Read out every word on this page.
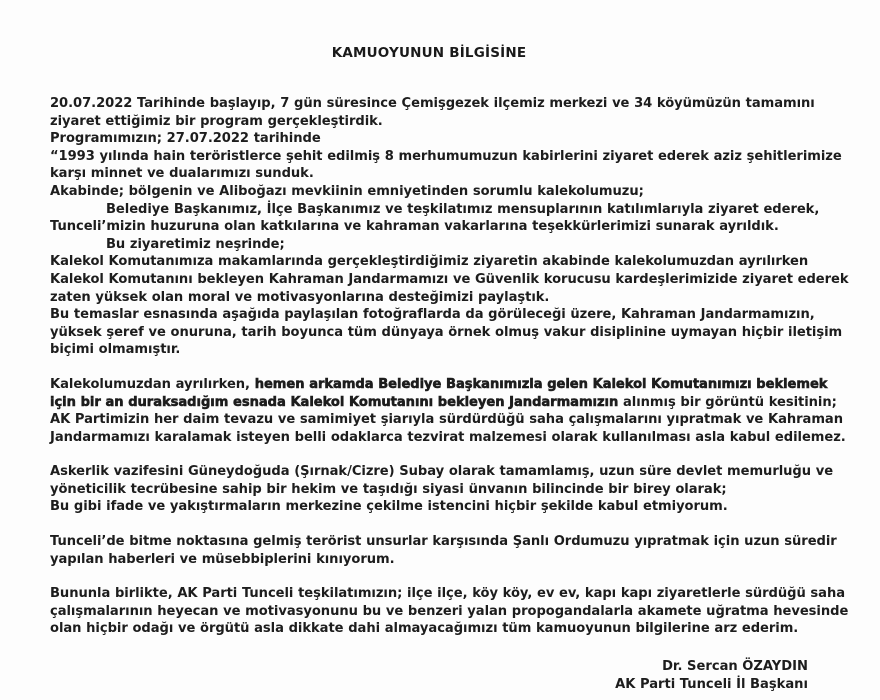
KAMUOYUNUN BİLGİSİNE

20.07.2022 Tarihinde başlayıp, 7 gün süresince Çemişgezek ilçemiz merkezi ve 34 köyümüzün tamamını ziyaret ettiğimiz bir program gerçekleştirdik.

Programımızın; 27.07.2022 tarihinde

“1993 yılında hain teröristlerce şehit edilmiş 8 merhumumuzun kabirlerini ziyaret ederek aziz şehitlerimize karşı minnet ve dualarımızı sunduk.

Akabinde; bölgenin ve Aliboğazı mevkiinin emniyetinden sorumlu kalekolumuzu;

Belediye Başkanımız, İlçe Başkanımız ve teşkilatımız mensuplarının katılımlarıyla ziyaret ederek, Tunceli’mizin huzuruna olan katkılarına ve kahraman vakarlarına teşekkürlerimizi sunarak ayrıldık.

Bu ziyaretimiz neşrinde;

Kalekol Komutanımıza makamlarında gerçekleştirdiğimiz ziyaretin akabinde kalekolumuzdan ayrılırken Kalekol Komutanını bekleyen Kahraman Jandarmamızı ve Güvenlik korucusu kardeşlerimizide ziyaret ederek zaten yüksek olan moral ve motivasyonlarına desteğimizi paylaştık.

Bu temaslar esnasında aşağıda paylaşılan fotoğraflarda da görüleceği üzere, Kahraman Jandarmamızın, yüksek şeref ve onuruna, tarih boyunca tüm dünyaya örnek olmuş vakur disiplinine uymayan hiçbir iletişim biçimi olmamıştır.

Kalekolumuzdan ayrılırken, hemen arkamda Belediye Başkanımızla gelen Kalekol Komutanımızı beklemek için bir an duraksadığım esnada Kalekol Komutanını bekleyen Jandarmamızın alınmış bir görüntü kesitinin; AK Partimizin her daim tevazu ve samimiyet şiarıyla sürdürdüğü saha çalışmalarını yıpratmak ve Kahraman Jandarmamızı karalamak isteyen belli odaklarca tezvirat malzemesi olarak kullanılması asla kabul edilemez.

Askerlik vazifesini Güneydoğuda (Şırnak/Cizre) Subay olarak tamamlamış, uzun süre devlet memurluğu ve yöneticilik tecrübesine sahip bir hekim ve taşıdığı siyasi ünvanın bilincinde bir birey olarak;

Bu gibi ifade ve yakıştırmaların merkezine çekilme istencini hiçbir şekilde kabul etmiyorum.

Tunceli’de bitme noktasına gelmiş terörist unsurlar karşısında Şanlı Ordumuzu yıpratmak için uzun süredir yapılan haberleri ve müsebbiplerini kınıyorum.

Bununla birlikte, AK Parti Tunceli teşkilatımızın; ilçe ilçe, köy köy, ev ev, kapı kapı ziyaretlerle sürdüğü saha çalışmalarının heyecan ve motivasyonunu bu ve benzeri yalan propogandalarla akamete uğratma hevesinde olan hiçbir odağı ve örgütü asla dikkate dahi almayacağımızı tüm kamuoyunun bilgilerine arz ederim.

Dr. Sercan ÖZAYDIN
AK Parti Tunceli İl Başkanı
